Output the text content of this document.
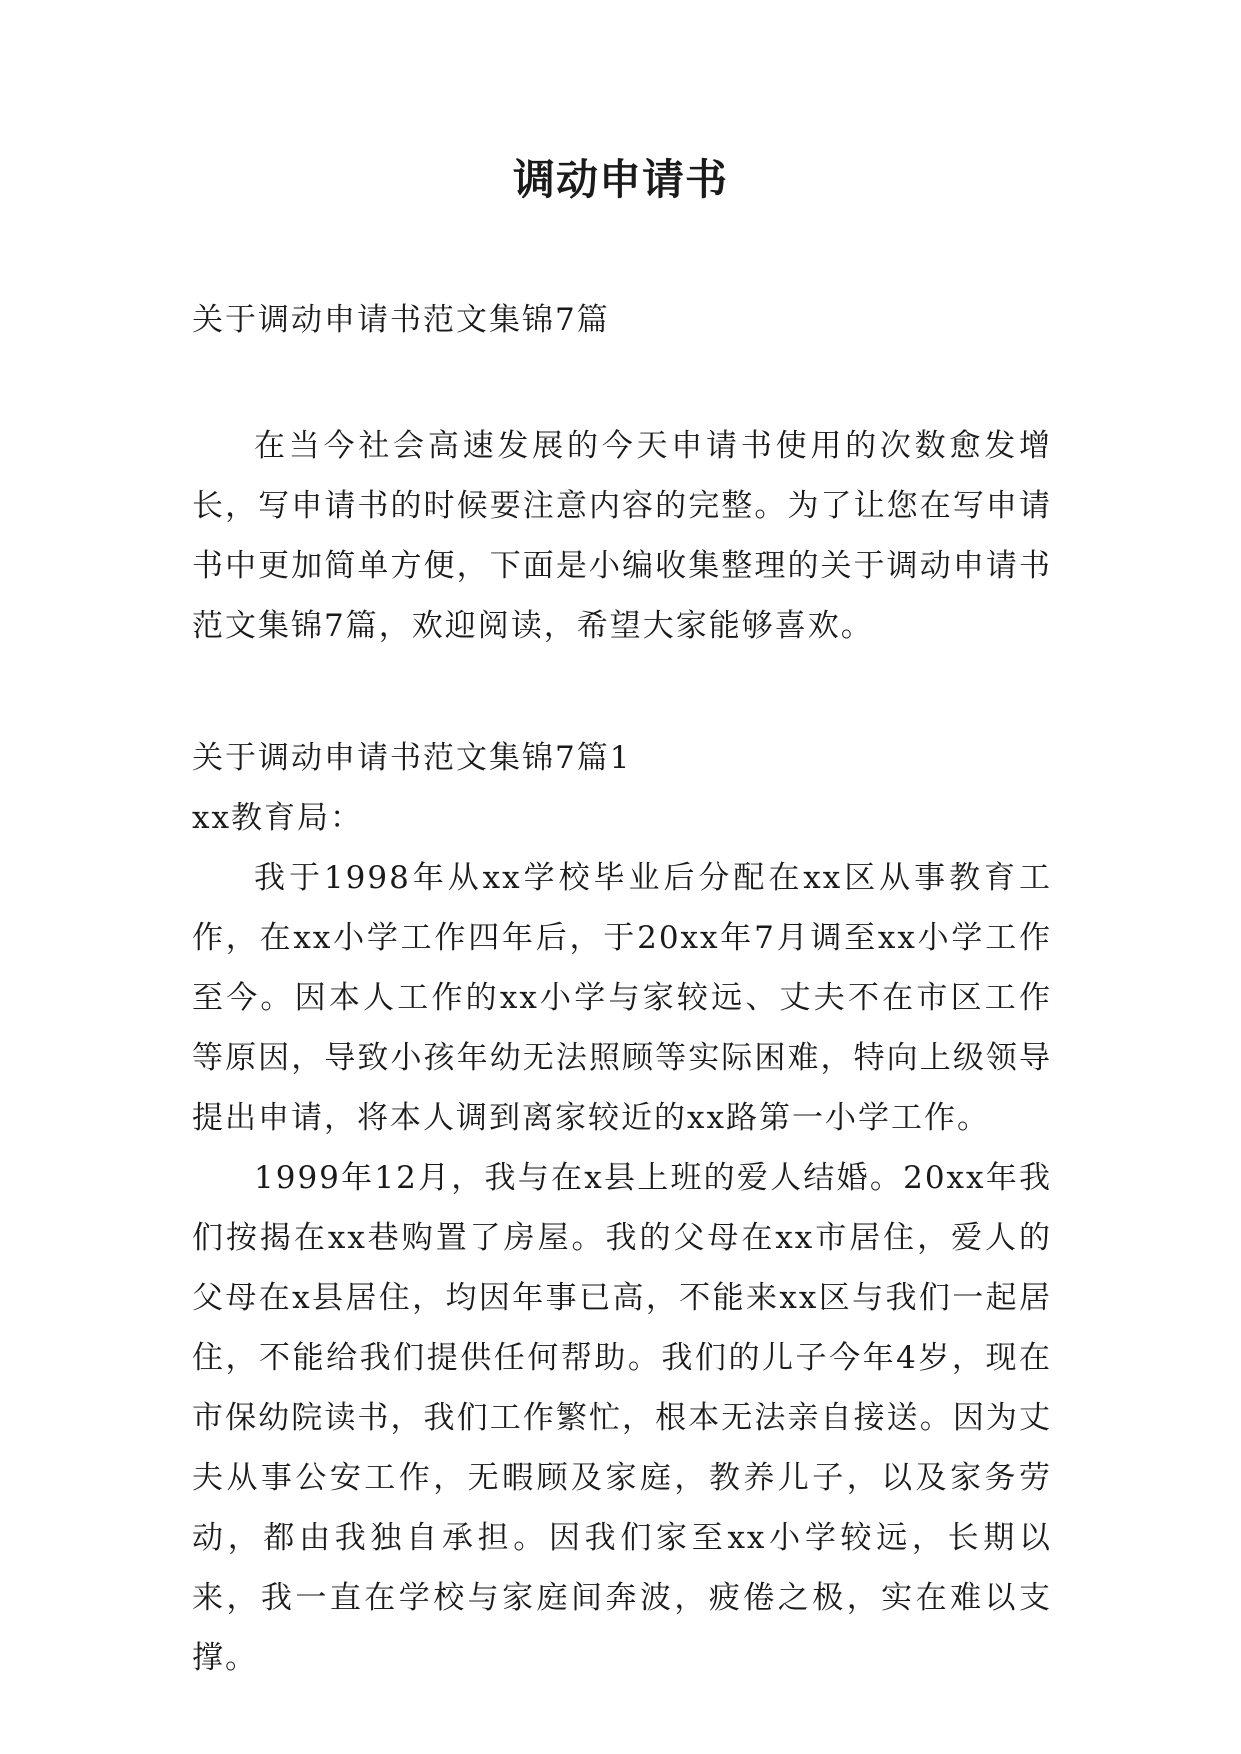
调动申请书

关于调动申请书范文集锦7篇

在当今社会高速发展的今天申请书使用的次数愈发增长，写申请书的时候要注意内容的完整。为了让您在写申请书中更加简单方便，下面是小编收集整理的关于调动申请书范文集锦7篇，欢迎阅读，希望大家能够喜欢。

关于调动申请书范文集锦7篇1

xx教育局：

我于1998年从xx学校毕业后分配在xx区从事教育工作，在xx小学工作四年后，于20xx年7月调至xx小学工作至今。因本人工作的xx小学与家较远、丈夫不在市区工作等原因，导致小孩年幼无法照顾等实际困难，特向上级领导提出申请，将本人调到离家较近的xx路第一小学工作。

1999年12月，我与在x县上班的爱人结婚。20xx年我们按揭在xx巷购置了房屋。我的父母在xx市居住，爱人的父母在x县居住，均因年事已高，不能来xx区与我们一起居住，不能给我们提供任何帮助。我们的儿子今年4岁，现在市保幼院读书，我们工作繁忙，根本无法亲自接送。因为丈夫从事公安工作，无暇顾及家庭，教养儿子，以及家务劳动，都由我独自承担。因我们家至xx小学较远，长期以来，我一直在学校与家庭间奔波，疲倦之极，实在难以支撑。
